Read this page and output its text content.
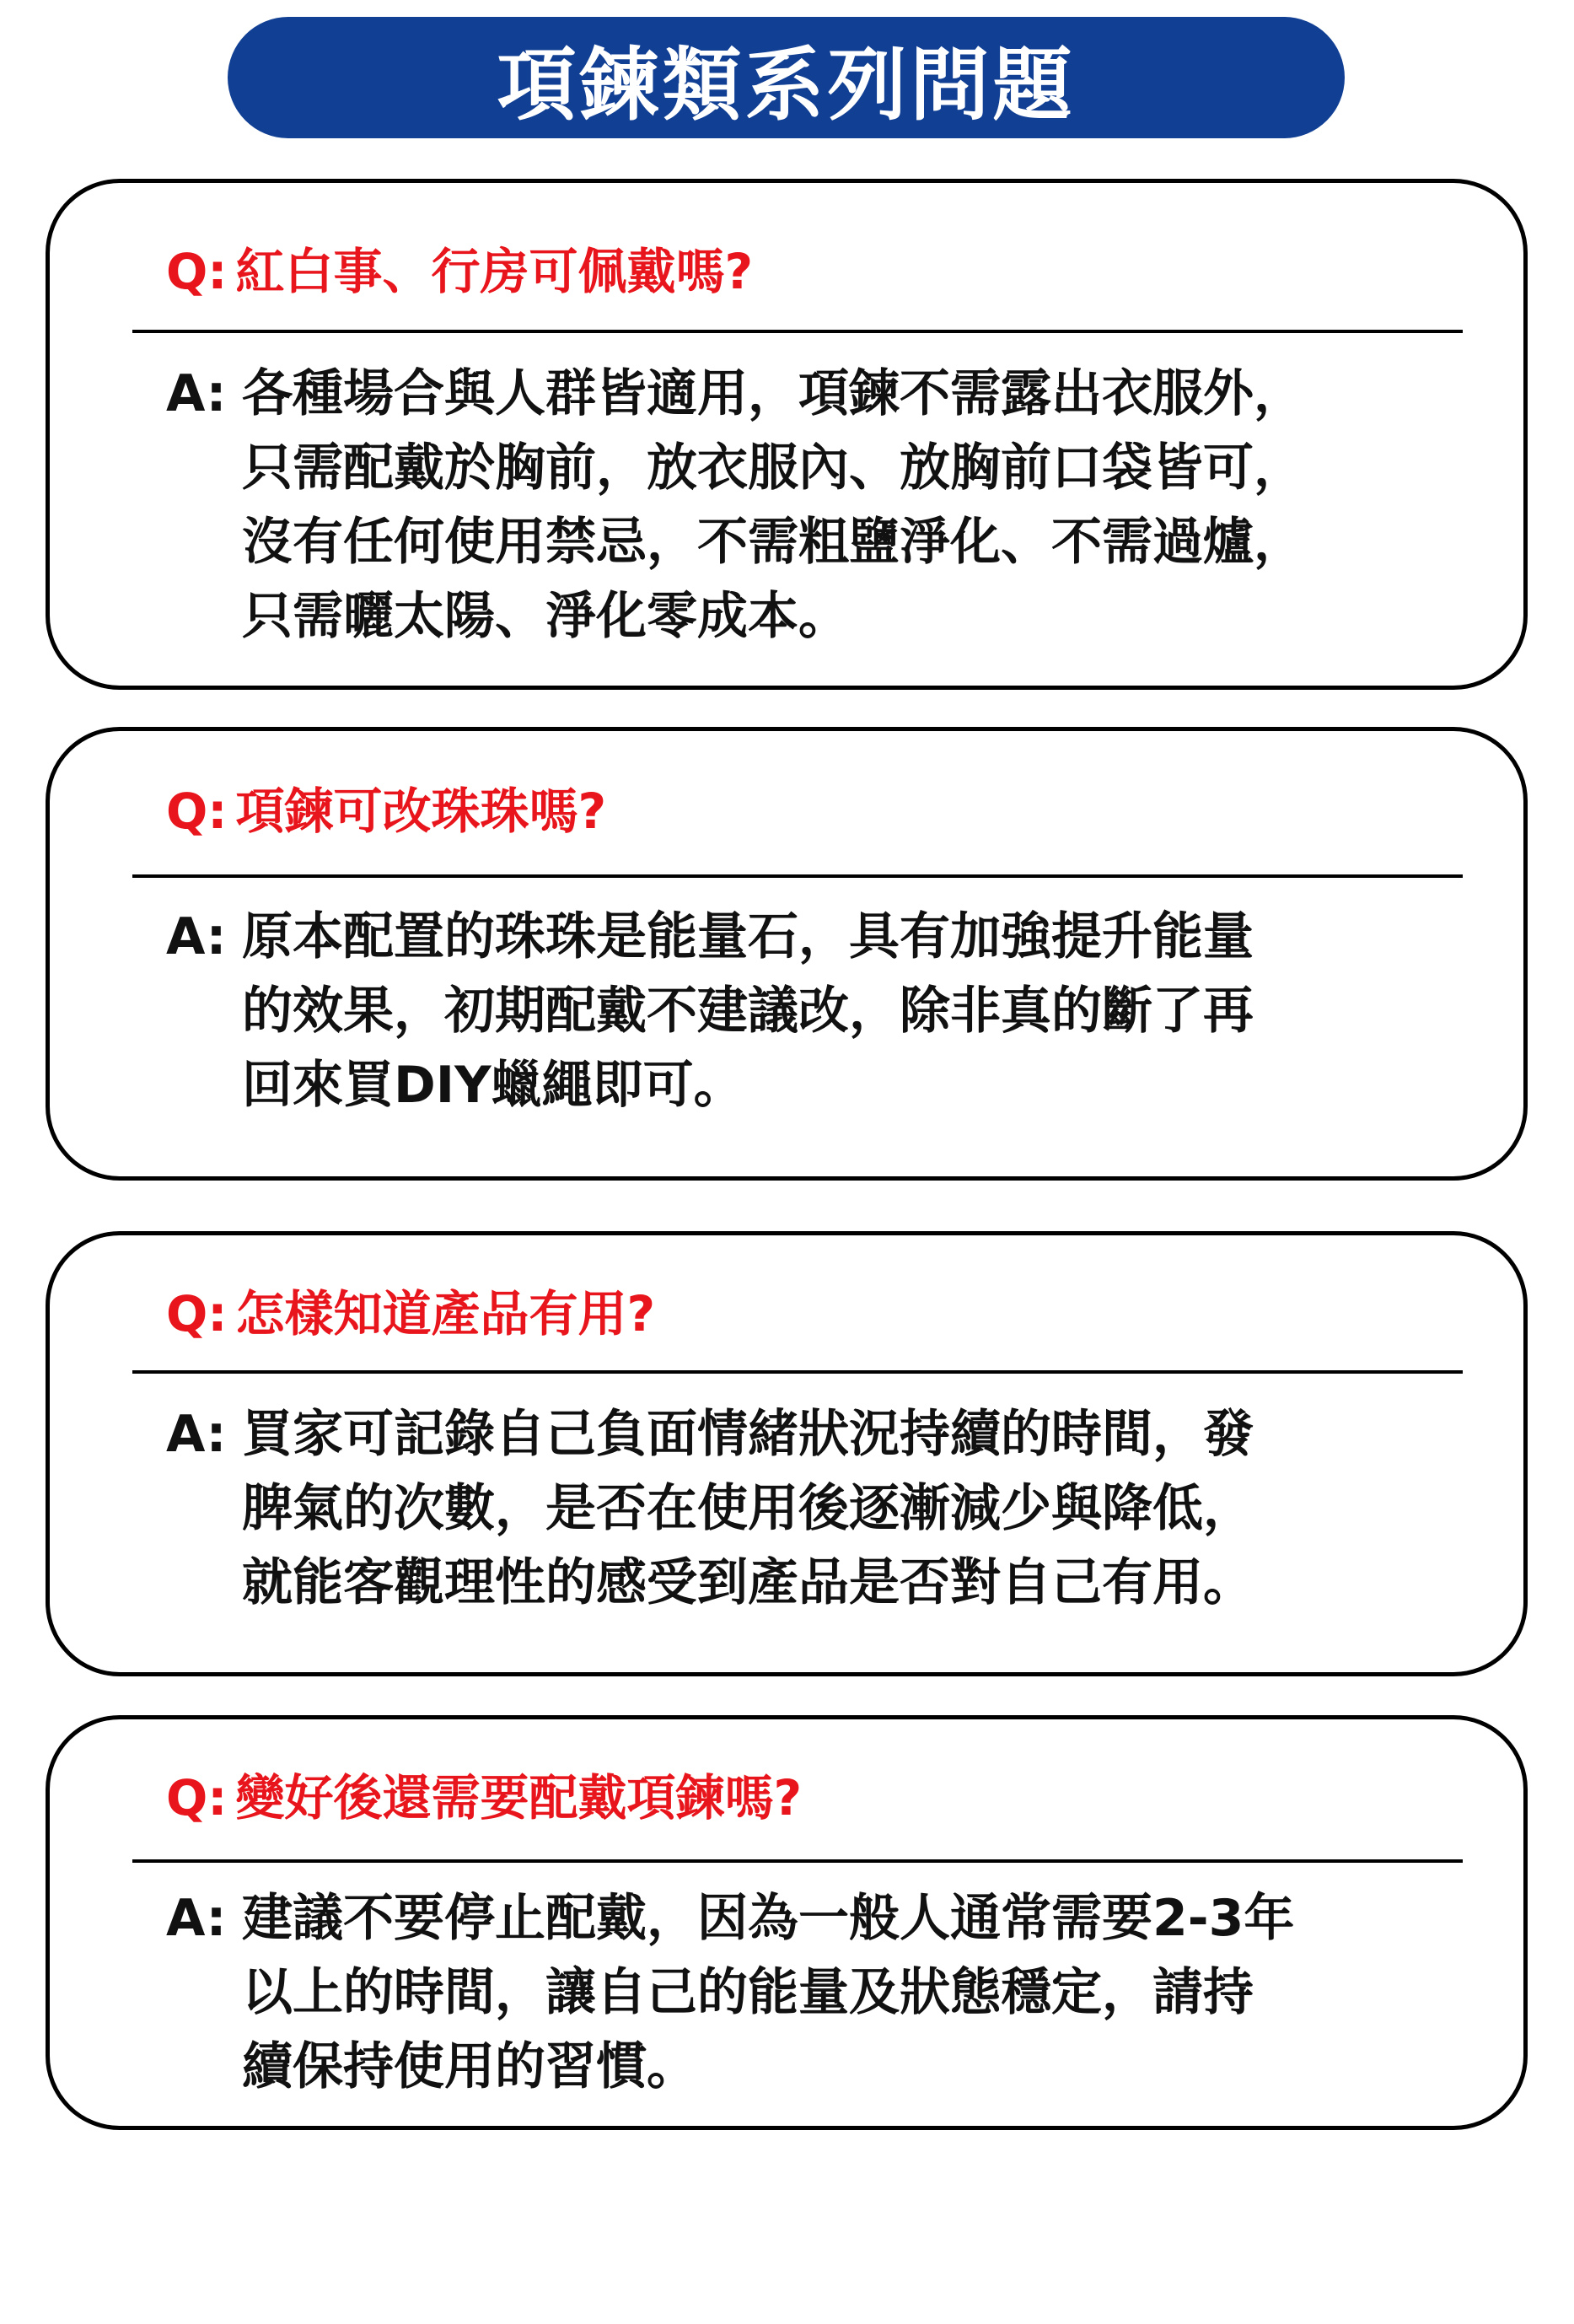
項鍊類系列問題
Q: 紅白事、行房可佩戴嗎?
A: 各種場合與人群皆適用，項鍊不需露出衣服外，
只需配戴於胸前，放衣服內、放胸前口袋皆可，
沒有任何使用禁忌，不需粗鹽淨化、不需過爐，
只需曬太陽、淨化零成本。
Q: 項鍊可改珠珠嗎?
A: 原本配置的珠珠是能量石，具有加強提升能量
的效果，初期配戴不建議改，除非真的斷了再
回來買DIY蠟繩即可。
Q: 怎樣知道產品有用?
A: 買家可記錄自己負面情緒狀況持續的時間，發
脾氣的次數，是否在使用後逐漸減少與降低，
就能客觀理性的感受到產品是否對自己有用。
Q: 變好後還需要配戴項鍊嗎?
A: 建議不要停止配戴，因為一般人通常需要2-3年
以上的時間，讓自己的能量及狀態穩定，請持
續保持使用的習慣。
